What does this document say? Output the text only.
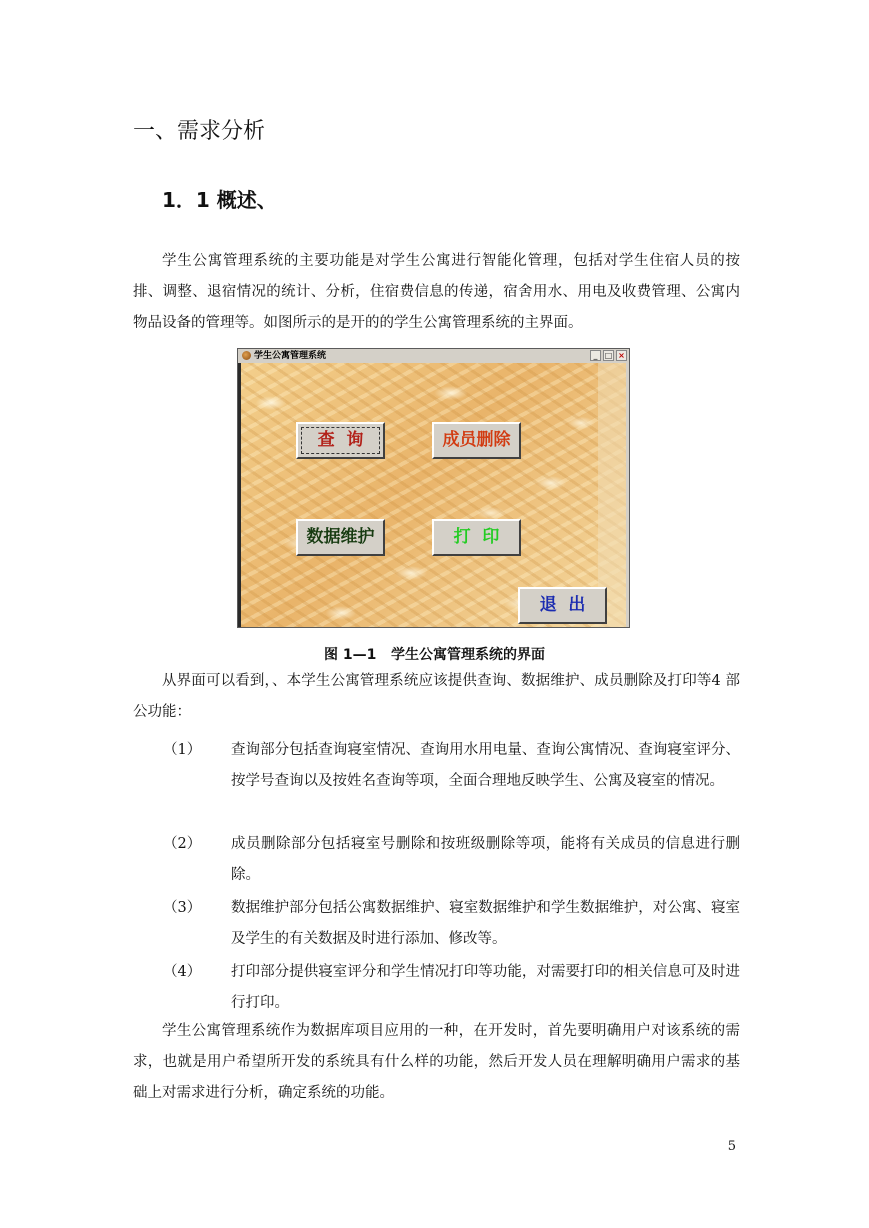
一、需求分析
1．1 概述、

学生公寓管理系统的主要功能是对学生公寓进行智能化管理，包括对学生住宿人员的按排、调整、退宿情况的统计、分析，住宿费信息的传递，宿舍用水、用电及收费管理、公寓内物品设备的管理等。如图所示的是开的的学生公寓管理系统的主界面。

学生公寓管理系统	_ □ ×
查  询	成员删除
数据维护	打  印
退  出
图 1—1   学生公寓管理系统的界面

从界面可以看到，、本学生公寓管理系统应该提供查询、数据维护、成员删除及打印等4 部公功能：

（1）	查询部分包括查询寝室情况、查询用水用电量、查询公寓情况、查询寝室评分、按学号查询以及按姓名查询等项，全面合理地反映学生、公寓及寝室的情况。

（2）	成员删除部分包括寝室号删除和按班级删除等项，能将有关成员的信息进行删除。

（3）	数据维护部分包括公寓数据维护、寝室数据维护和学生数据维护，对公寓、寝室及学生的有关数据及时进行添加、修改等。

（4）	打印部分提供寝室评分和学生情况打印等功能，对需要打印的相关信息可及时进行打印。

学生公寓管理系统作为数据库项目应用的一种，在开发时，首先要明确用户对该系统的需求，也就是用户希望所开发的系统具有什么样的功能，然后开发人员在理解明确用户需求的基础上对需求进行分析，确定系统的功能。

5
